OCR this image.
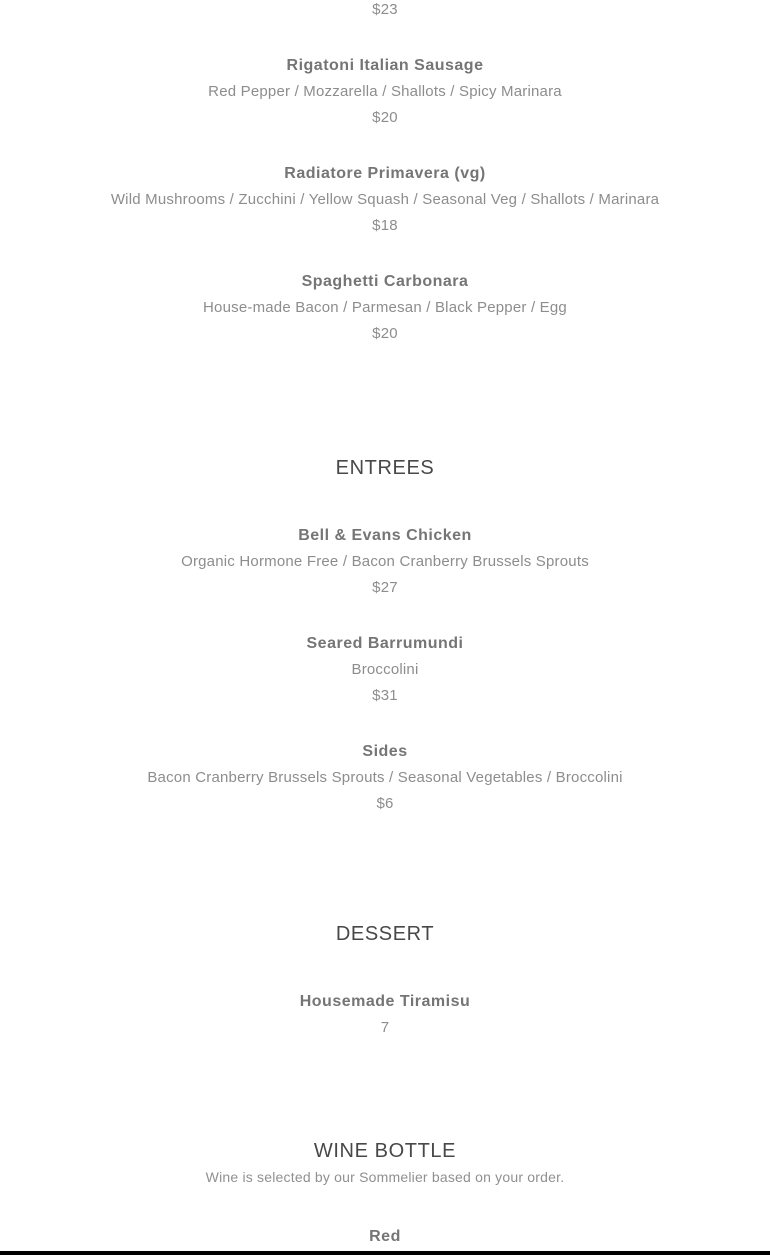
$23
Rigatoni Italian Sausage
Red Pepper / Mozzarella / Shallots / Spicy Marinara
$20
Radiatore Primavera (vg)
Wild Mushrooms / Zucchini / Yellow Squash / Seasonal Veg / Shallots / Marinara
$18
Spaghetti Carbonara
House-made Bacon / Parmesan / Black Pepper / Egg
$20
ENTREES
Bell & Evans Chicken
Organic Hormone Free / Bacon Cranberry Brussels Sprouts
$27
Seared Barrumundi
Broccolini
$31
Sides
Bacon Cranberry Brussels Sprouts / Seasonal Vegetables / Broccolini
$6
DESSERT
Housemade Tiramisu
7
WINE BOTTLE
Wine is selected by our Sommelier based on your order.
Red
